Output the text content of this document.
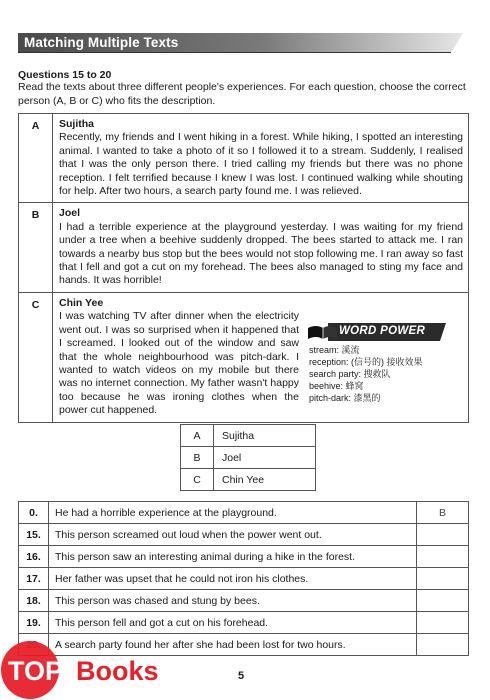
Matching Multiple Texts
Questions 15 to 20
Read the texts about three different people's experiences. For each question, choose the correct person (A, B or C) who fits the description.
A	Sujitha
Recently, my friends and I went hiking in a forest. While hiking, I spotted an interesting animal. I wanted to take a photo of it so I followed it to a stream. Suddenly, I realised that I was the only person there. I tried calling my friends but there was no phone reception. I felt terrified because I knew I was lost. I continued walking while shouting for help. After two hours, a search party found me. I was relieved.
B	Joel
I had a terrible experience at the playground yesterday. I was waiting for my friend under a tree when a beehive suddenly dropped. The bees started to attack me. I ran towards a nearby bus stop but the bees would not stop following me. I ran away so fast that I fell and got a cut on my forehead. The bees also managed to sting my face and hands. It was horrible!
C	Chin Yee
I was watching TV after dinner when the electricity went out. I was so surprised when it happened that I screamed. I looked out of the window and saw that the whole neighbourhood was pitch-dark. I wanted to watch videos on my mobile but there was no internet connection. My father wasn't happy too because he was ironing clothes when the power cut happened.
WORD POWER
stream: 溪流
reception: (信号的) 接收效果
search party: 搜救队
beehive: 蜂窝
pitch-dark: 漆黑的
A	Sujitha
B	Joel
C	Chin Yee
0.	He had a horrible experience at the playground.	B
15.	This person screamed out loud when the power went out.	
16.	This person saw an interesting animal during a hike in the forest.	
17.	Her father was upset that he could not iron his clothes.	
18.	This person was chased and stung by bees.	
19.	This person fell and got a cut on his forehead.	
	A search party found her after she had been lost for two hours.	
TOP Books	5
